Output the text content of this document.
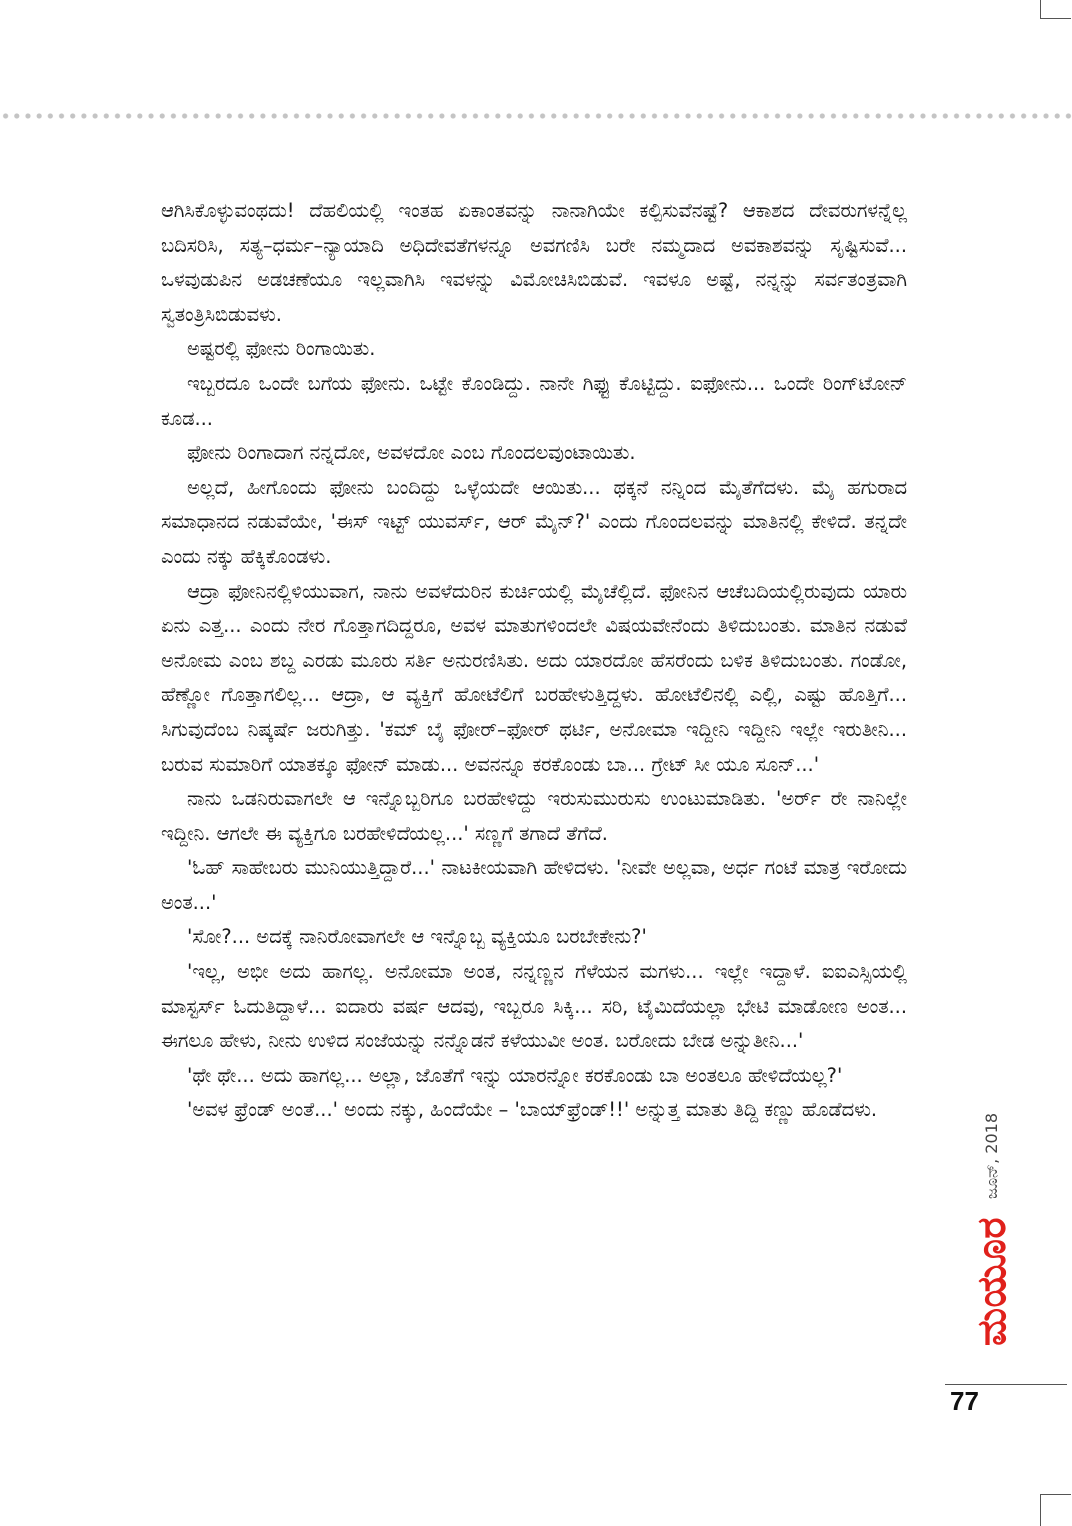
ಆಗಿಸಿಕೊಳ್ಳುವಂಥದು! ದೆಹಲಿಯಲ್ಲಿ ಇಂತಹ ಏಕಾಂತವನ್ನು ನಾನಾಗಿಯೇ ಕಲ್ಪಿಸುವೆನಷ್ಟೆ? ಆಕಾಶದ ದೇವರುಗಳನ್ನೆಲ್ಲ ಬದಿಸರಿಸಿ, ಸತ್ಯ–ಧರ್ಮ–ನ್ಯಾಯಾದಿ ಅಧಿದೇವತೆಗಳನ್ನೂ ಅವಗಣಿಸಿ ಬರೇ ನಮ್ಮದಾದ ಅವಕಾಶವನ್ನು ಸೃಷ್ಟಿಸುವೆ... ಒಳವುಡುಪಿನ ಅಡಚಣೆಯೂ ಇಲ್ಲವಾಗಿಸಿ ಇವಳನ್ನು ವಿಮೋಚಿಸಿಬಿಡುವೆ. ಇವಳೂ ಅಷ್ಟೆ, ನನ್ನನ್ನು ಸರ್ವತಂತ್ರವಾಗಿ ಸ್ವತಂತ್ರಿಸಿಬಿಡುವಳು.

ಅಷ್ಟರಲ್ಲಿ ಫೋನು ರಿಂಗಾಯಿತು.

ಇಬ್ಬರದೂ ಒಂದೇ ಬಗೆಯ ಫೋನು. ಒಟ್ಟೇ ಕೊಂಡಿದ್ದು. ನಾನೇ ಗಿಫ್ಟು ಕೊಟ್ಟಿದ್ದು. ಐಫೋನು... ಒಂದೇ ರಿಂಗ್‌ಟೋನ್ ಕೂಡ...

ಫೋನು ರಿಂಗಾದಾಗ ನನ್ನದೋ, ಅವಳದೋ ಎಂಬ ಗೊಂದಲವುಂಟಾಯಿತು.

ಅಲ್ಲದೆ, ಹೀಗೊಂದು ಫೋನು ಬಂದಿದ್ದು ಒಳ್ಳೆಯದೇ ಆಯಿತು... ಥಕ್ಕನೆ ನನ್ನಿಂದ ಮೈತೆಗೆದಳು. ಮೈ ಹಗುರಾದ ಸಮಾಧಾನದ ನಡುವೆಯೇ, 'ಈಸ್ ಇಟ್ಟ್ ಯುವರ್ಸ್, ಆರ್ ಮೈನ್?' ಎಂದು ಗೊಂದಲವನ್ನು ಮಾತಿನಲ್ಲಿ ಕೇಳಿದೆ. ತನ್ನದೇ ಎಂದು ನಕ್ಕು ಹೆಕ್ಕಿಕೊಂಡಳು.

ಆದ್ರಾ ಫೋನಿನಲ್ಲಿಳಿಯುವಾಗ, ನಾನು ಅವಳೆದುರಿನ ಕುರ್ಚಿಯಲ್ಲಿ ಮೈಚೆಲ್ಲಿದೆ. ಫೋನಿನ ಆಚೆಬದಿಯಲ್ಲಿರುವುದು ಯಾರು ಏನು ಎತ್ತ... ಎಂದು ನೇರ ಗೊತ್ತಾಗದಿದ್ದರೂ, ಅವಳ ಮಾತುಗಳಿಂದಲೇ ವಿಷಯವೇನೆಂದು ತಿಳಿದುಬಂತು. ಮಾತಿನ ನಡುವೆ ಅನೋಮ ಎಂಬ ಶಬ್ದ ಎರಡು ಮೂರು ಸರ್ತಿ ಅನುರಣಿಸಿತು. ಅದು ಯಾರದೋ ಹೆಸರೆಂದು ಬಳಿಕ ತಿಳಿದುಬಂತು. ಗಂಡೋ, ಹೆಣ್ಣೋ ಗೊತ್ತಾಗಲಿಲ್ಲ... ಆದ್ರಾ, ಆ ವ್ಯಕ್ತಿಗೆ ಹೋಟೆಲಿಗೆ ಬರಹೇಳುತ್ತಿದ್ದಳು. ಹೋಟೆಲಿನಲ್ಲಿ ಎಲ್ಲಿ, ಎಷ್ಟು ಹೊತ್ತಿಗೆ... ಸಿಗುವುದೆಂಬ ನಿಷ್ಕರ್ಷೆ ಜರುಗಿತ್ತು. 'ಕಮ್ ಬೈ ಫೋರ್–ಫೋರ್ ಥರ್ಟಿ, ಅನೋಮಾ ಇದ್ದೀನಿ ಇದ್ದೀನಿ ಇಲ್ಲೇ ಇರುತೀನಿ... ಬರುವ ಸುಮಾರಿಗೆ ಯಾತಕ್ಕೂ ಫೋನ್ ಮಾಡು... ಅವನನ್ನೂ ಕರಕೊಂಡು ಬಾ... ಗ್ರೇಟ್ ಸೀ ಯೂ ಸೂನ್...'

ನಾನು ಒಡನಿರುವಾಗಲೇ ಆ ಇನ್ನೊಬ್ಬರಿಗೂ ಬರಹೇಳಿದ್ದು ಇರುಸುಮುರುಸು ಉಂಟುಮಾಡಿತು. 'ಅರ್ರ್ ರೇ ನಾನಿಲ್ಲೇ ಇದ್ದೀನಿ. ಆಗಲೇ ಈ ವ್ಯಕ್ತಿಗೂ ಬರಹೇಳಿದೆಯಲ್ಲ...' ಸಣ್ಣಗೆ ತಗಾದೆ ತೆಗೆದೆ.

'ಓಹ್ ಸಾಹೇಬರು ಮುನಿಯುತ್ತಿದ್ದಾರೆ...' ನಾಟಕೀಯವಾಗಿ ಹೇಳಿದಳು. 'ನೀವೇ ಅಲ್ಲವಾ, ಅರ್ಧ ಗಂಟೆ ಮಾತ್ರ ಇರೋದು ಅಂತ...'

'ಸೋ?... ಅದಕ್ಕೆ ನಾನಿರೋವಾಗಲೇ ಆ ಇನ್ನೊಬ್ಬ ವ್ಯಕ್ತಿಯೂ ಬರಬೇಕೇನು?'

'ಇಲ್ಲ, ಅಭೀ ಅದು ಹಾಗಲ್ಲ. ಅನೋಮಾ ಅಂತ, ನನ್ನಣ್ಣನ ಗೆಳೆಯನ ಮಗಳು... ಇಲ್ಲೇ ಇದ್ದಾಳೆ. ಐಐಎಸ್ಸಿಯಲ್ಲಿ ಮಾಸ್ಟರ್ಸ್ ಓದುತಿದ್ದಾಳೆ... ಐದಾರು ವರ್ಷ ಆದವು, ಇಬ್ಬರೂ ಸಿಕ್ಕಿ... ಸರಿ, ಟೈಮಿದೆಯಲ್ಲಾ ಭೇಟಿ ಮಾಡೋಣ ಅಂತ... ಈಗಲೂ ಹೇಳು, ನೀನು ಉಳಿದ ಸಂಜೆಯನ್ನು ನನ್ನೊಡನೆ ಕಳೆಯುವೀ ಅಂತ. ಬರೋದು ಬೇಡ ಅನ್ನುತೀನಿ...'

'ಥೇ ಥೇ... ಅದು ಹಾಗಲ್ಲ... ಅಲ್ಲಾ, ಜೊತೆಗೆ ಇನ್ನು ಯಾರನ್ನೋ ಕರಕೊಂಡು ಬಾ ಅಂತಲೂ ಹೇಳಿದೆಯಲ್ಲ?'

'ಅವಳ ಫ್ರೆಂಡ್ ಅಂತೆ...' ಅಂದು ನಕ್ಕು, ಹಿಂದೆಯೇ – 'ಬಾಯ್‌ಫ್ರೆಂಡ್!!' ಅನ್ನುತ್ತ ಮಾತು ತಿದ್ದಿ ಕಣ್ಣು ಹೊಡೆದಳು.

ಮಯೂರ
ಜೂನ್, 2018
77
